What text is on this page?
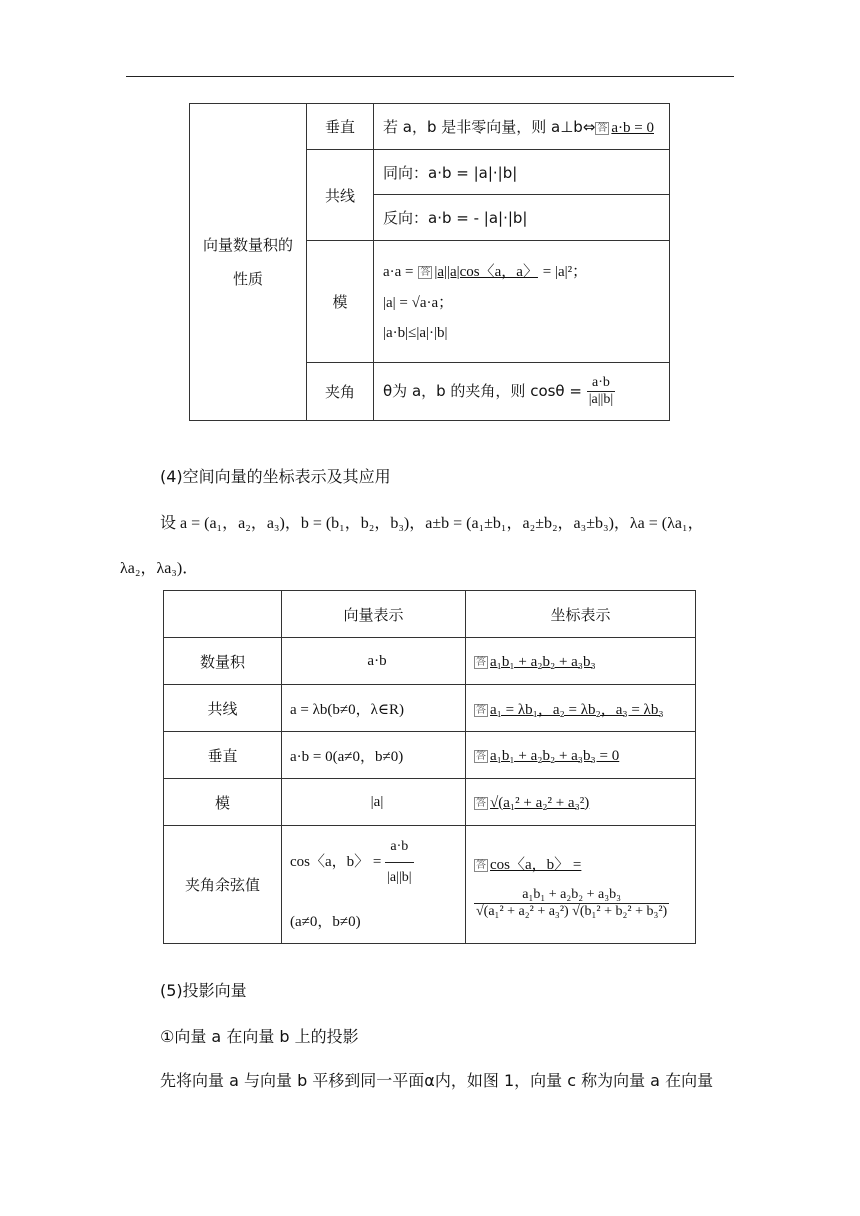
向量数量积的性质	垂直	若 a，b 是非零向量，则 a⊥b⇔ 答 a·b = 0
	共线	同向：a·b = |a|·|b|
		反向：a·b = - |a|·|b|
	模	a·a = 答 |a||a|cos〈a，a〉 = |a|²；
|a| = √a·a；
|a·b|≤|a|·|b|

	夹角	θ为 a，b 的夹角，则 $\cos\theta = \frac{a\cdot b}{|a||b|}$
(4)空间向量的坐标表示及其应用
设 a = (a₁，a₂，a₃)，b = (b₁，b₂，b₃)，a±b = (a₁±b₁，a₂±b₂，a₃±b₃)，λa = (λa₁，
λa₂，λa₃)．
	向量表示	坐标表示
数量积	a·b	答 a₁b₁ + a₂b₂ + a₃b₃
共线	a = λb(b≠0，λ∈R)	答 a₁ = λb₁，a₂ = λb₂，a₃ = λb₃
垂直	a·b = 0(a≠0，b≠0)	答 a₁b₁ + a₂b₂ + a₃b₃ = 0
模	|a|	答 √(a₁² + a₂² + a₃²)
夹角余弦值	cos〈a，b〉 = $\frac{a\cdot b}{|a||b|}$
(a≠0，b≠0)	答 cos〈a，b〉 =
$\frac{\text{a₁b₁ + a₂b₂ + a₃b₃}}{\text{√(a₁² + a₂² + a₃²) √(b₁² + b₂² + b₃²)}}$
(5)投影向量
①向量 a 在向量 b 上的投影
先将向量 a 与向量 b 平移到同一平面α内，如图 1，向量 c 称为向量 a 在向量
